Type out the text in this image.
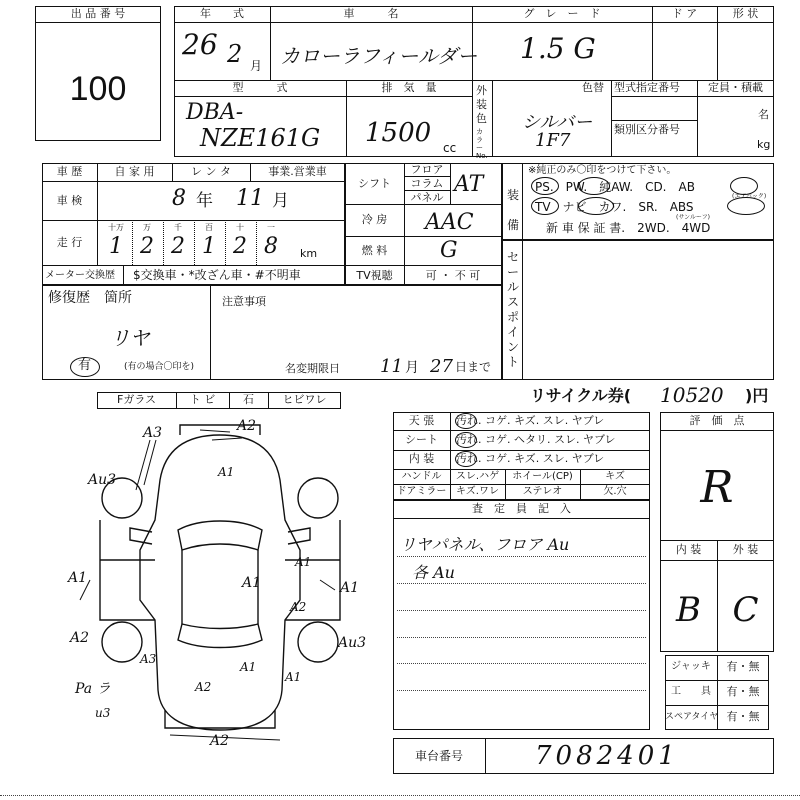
出 品 番 号
100
年　　式
26 2 月
車　　　名
カローラフィールダー
グ　レ　ー　ド
1.5 G
ド ア	形 状
型　　　式
DBA-
NZE161G
排　気　量
1500 cc
外装色
カラーNo.
色替
シルバー
1F7
型式指定番号
類別区分番号
定員・積載
名
kg
車 歴	自 家 用	レ ン タ	事業.営業車
車 検	8 年 11 月
走 行
十万	万	千	百	十	一
1 2 2 1 2 8	km
メーター交換歴 $交換車・*改ざん車・#不明車
シフト
フロア
コラム
パネル
AT
冷 房	AAC
燃 料	G
TV視聴	可 ・ 不 可
装備
※純正のみ〇印をつけて下さい。
PS.　PW.　純AW.　CD.　AB
(エアバック)
TV　ナビ　カワ.　SR.　ABS
(サンルーフ)
新 車 保 証 書.　2WD.　4WD
セールスポイント
修復歴　箇所
リヤ
有	(有の場合〇印を)
注意事項
名変期限日 11 月 27 日まで
リサイクル券( 10520 )円
Fガラス	ト ビ	石	ヒビワレ
A3	A2
A1
Au3
A1	A1
A1
A1
A2
A3
A2
A1
A1
Au3
Pa ラ
u3
A2
A2
天 張	汚れ. コゲ. キズ. スレ. ヤブレ
シート	汚れ. コゲ. ヘタリ. スレ. ヤブレ
内 装	汚れ. コゲ. キズ. スレ. ヤブレ
ハンドル	スレ.ハゲ	ホイール(CP)	キズ
ドアミラー キズ.ワレ	ステレオ	欠.穴
査　定　員　記　入
リヤパネル、フロア Au
各 Au
評　価　点
R
内 装	外 装
B C
ジャッキ	有・無
工　　具	有・無
スペアタイヤ 有・無
車台番号	7082401
